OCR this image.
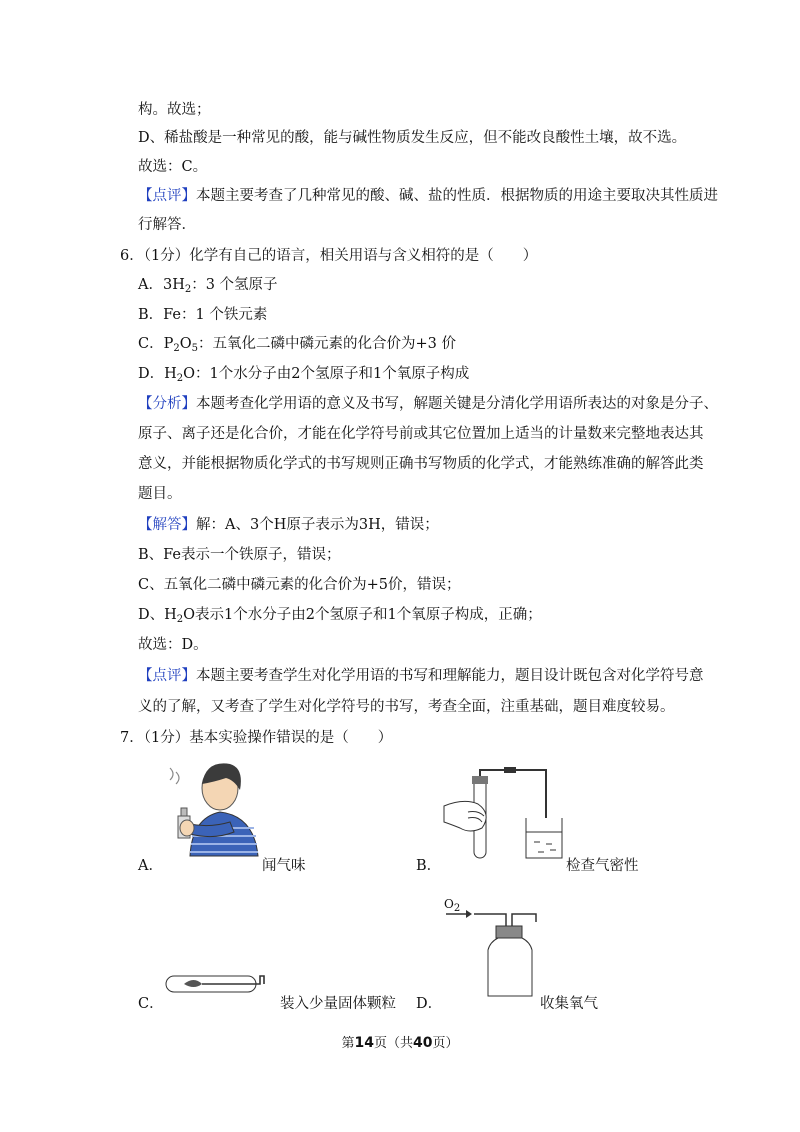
构。故选；
D、稀盐酸是一种常见的酸，能与碱性物质发生反应，但不能改良酸性土壤，故不选。
故选：C。
【点评】本题主要考查了几种常见的酸、碱、盐的性质．根据物质的用途主要取决其性质进
行解答．
6．（1分）化学有自己的语言，相关用语与含义相符的是（　　）
A．$3H_2$：3 个氢原子
B．Fe：1 个铁元素
C．$P_2O_5$：五氧化二磷中磷元素的化合价为+3 价
D．$H_2O$：1个水分子由2个氢原子和1个氧原子构成
【分析】本题考查化学用语的意义及书写，解题关键是分清化学用语所表达的对象是分子、
原子、离子还是化合价，才能在化学符号前或其它位置加上适当的计量数来完整地表达其
意义，并能根据物质化学式的书写规则正确书写物质的化学式，才能熟练准确的解答此类
题目。
【解答】解：A、3个H原子表示为3H，错误；
B、Fe表示一个铁原子，错误；
C、五氧化二磷中磷元素的化合价为+5价，错误；
D、$H_2O$表示1个水分子由2个氢原子和1个氧原子构成，正确；
故选：D。
【点评】本题主要考查学生对化学用语的书写和理解能力，题目设计既包含对化学符号意
义的了解，又考查了学生对化学符号的书写，考查全面，注重基础，题目难度较易。
7．（1分）基本实验操作错误的是（　　）
A．	闻气味	B．	检查气密性
C．	装入少量固体颗粒
$O_2$
D．	收集氧气
第14页（共40页）
